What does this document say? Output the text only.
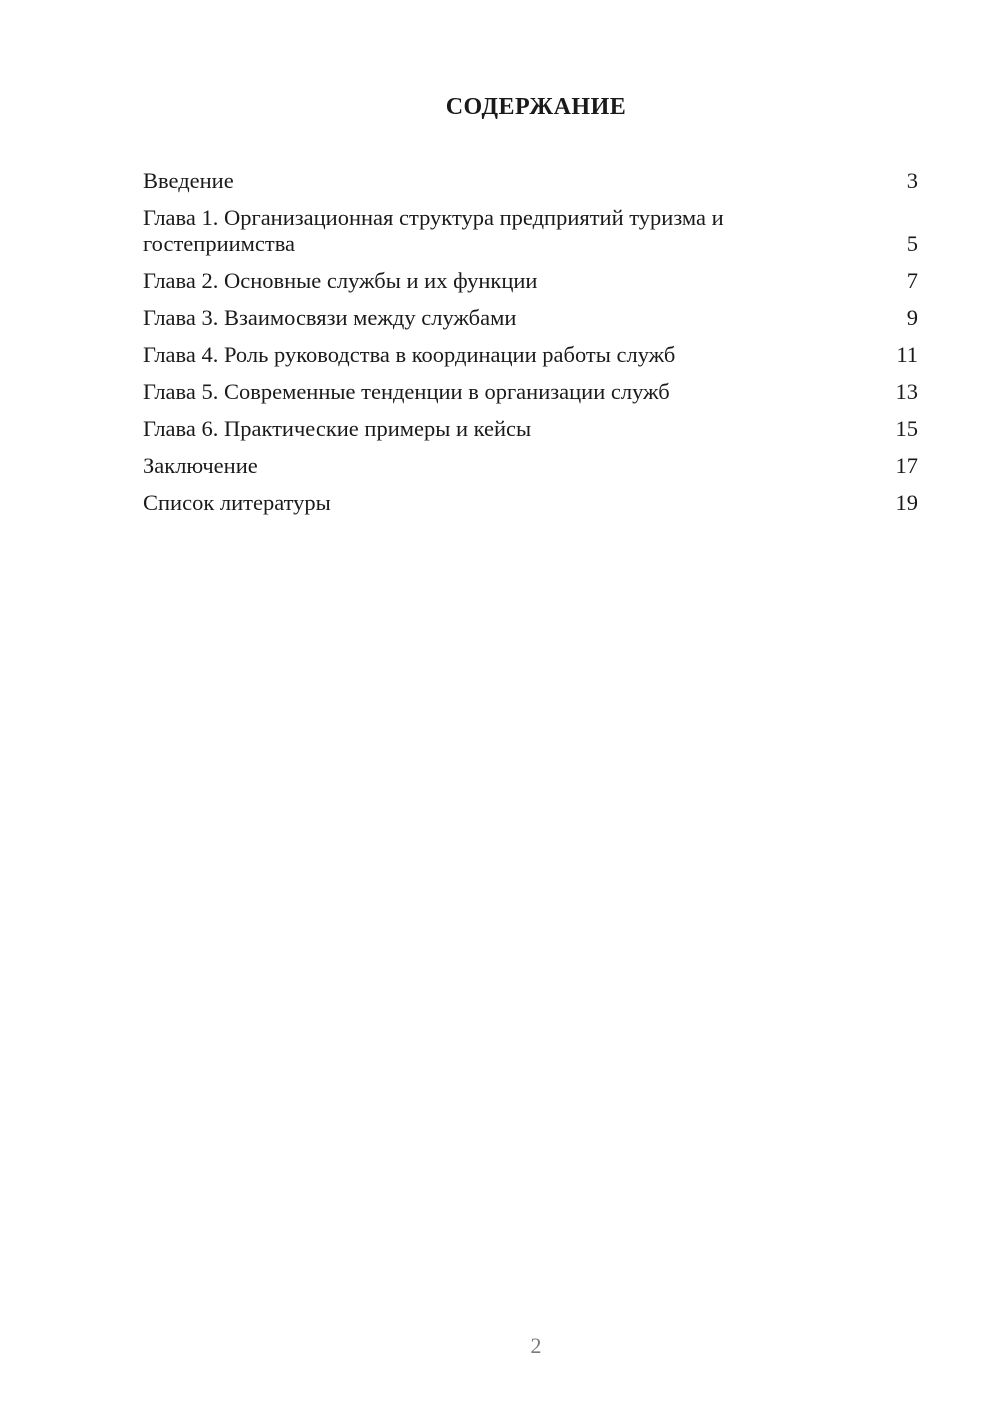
СОДЕРЖАНИЕ
Введение	3
Глава 1. Организационная структура предприятий туризма и гостеприимства	5
Глава 2. Основные службы и их функции	7
Глава 3. Взаимосвязи между службами	9
Глава 4. Роль руководства в координации работы служб	11
Глава 5. Современные тенденции в организации служб	13
Глава 6. Практические примеры и кейсы	15
Заключение	17
Список литературы	19
2
